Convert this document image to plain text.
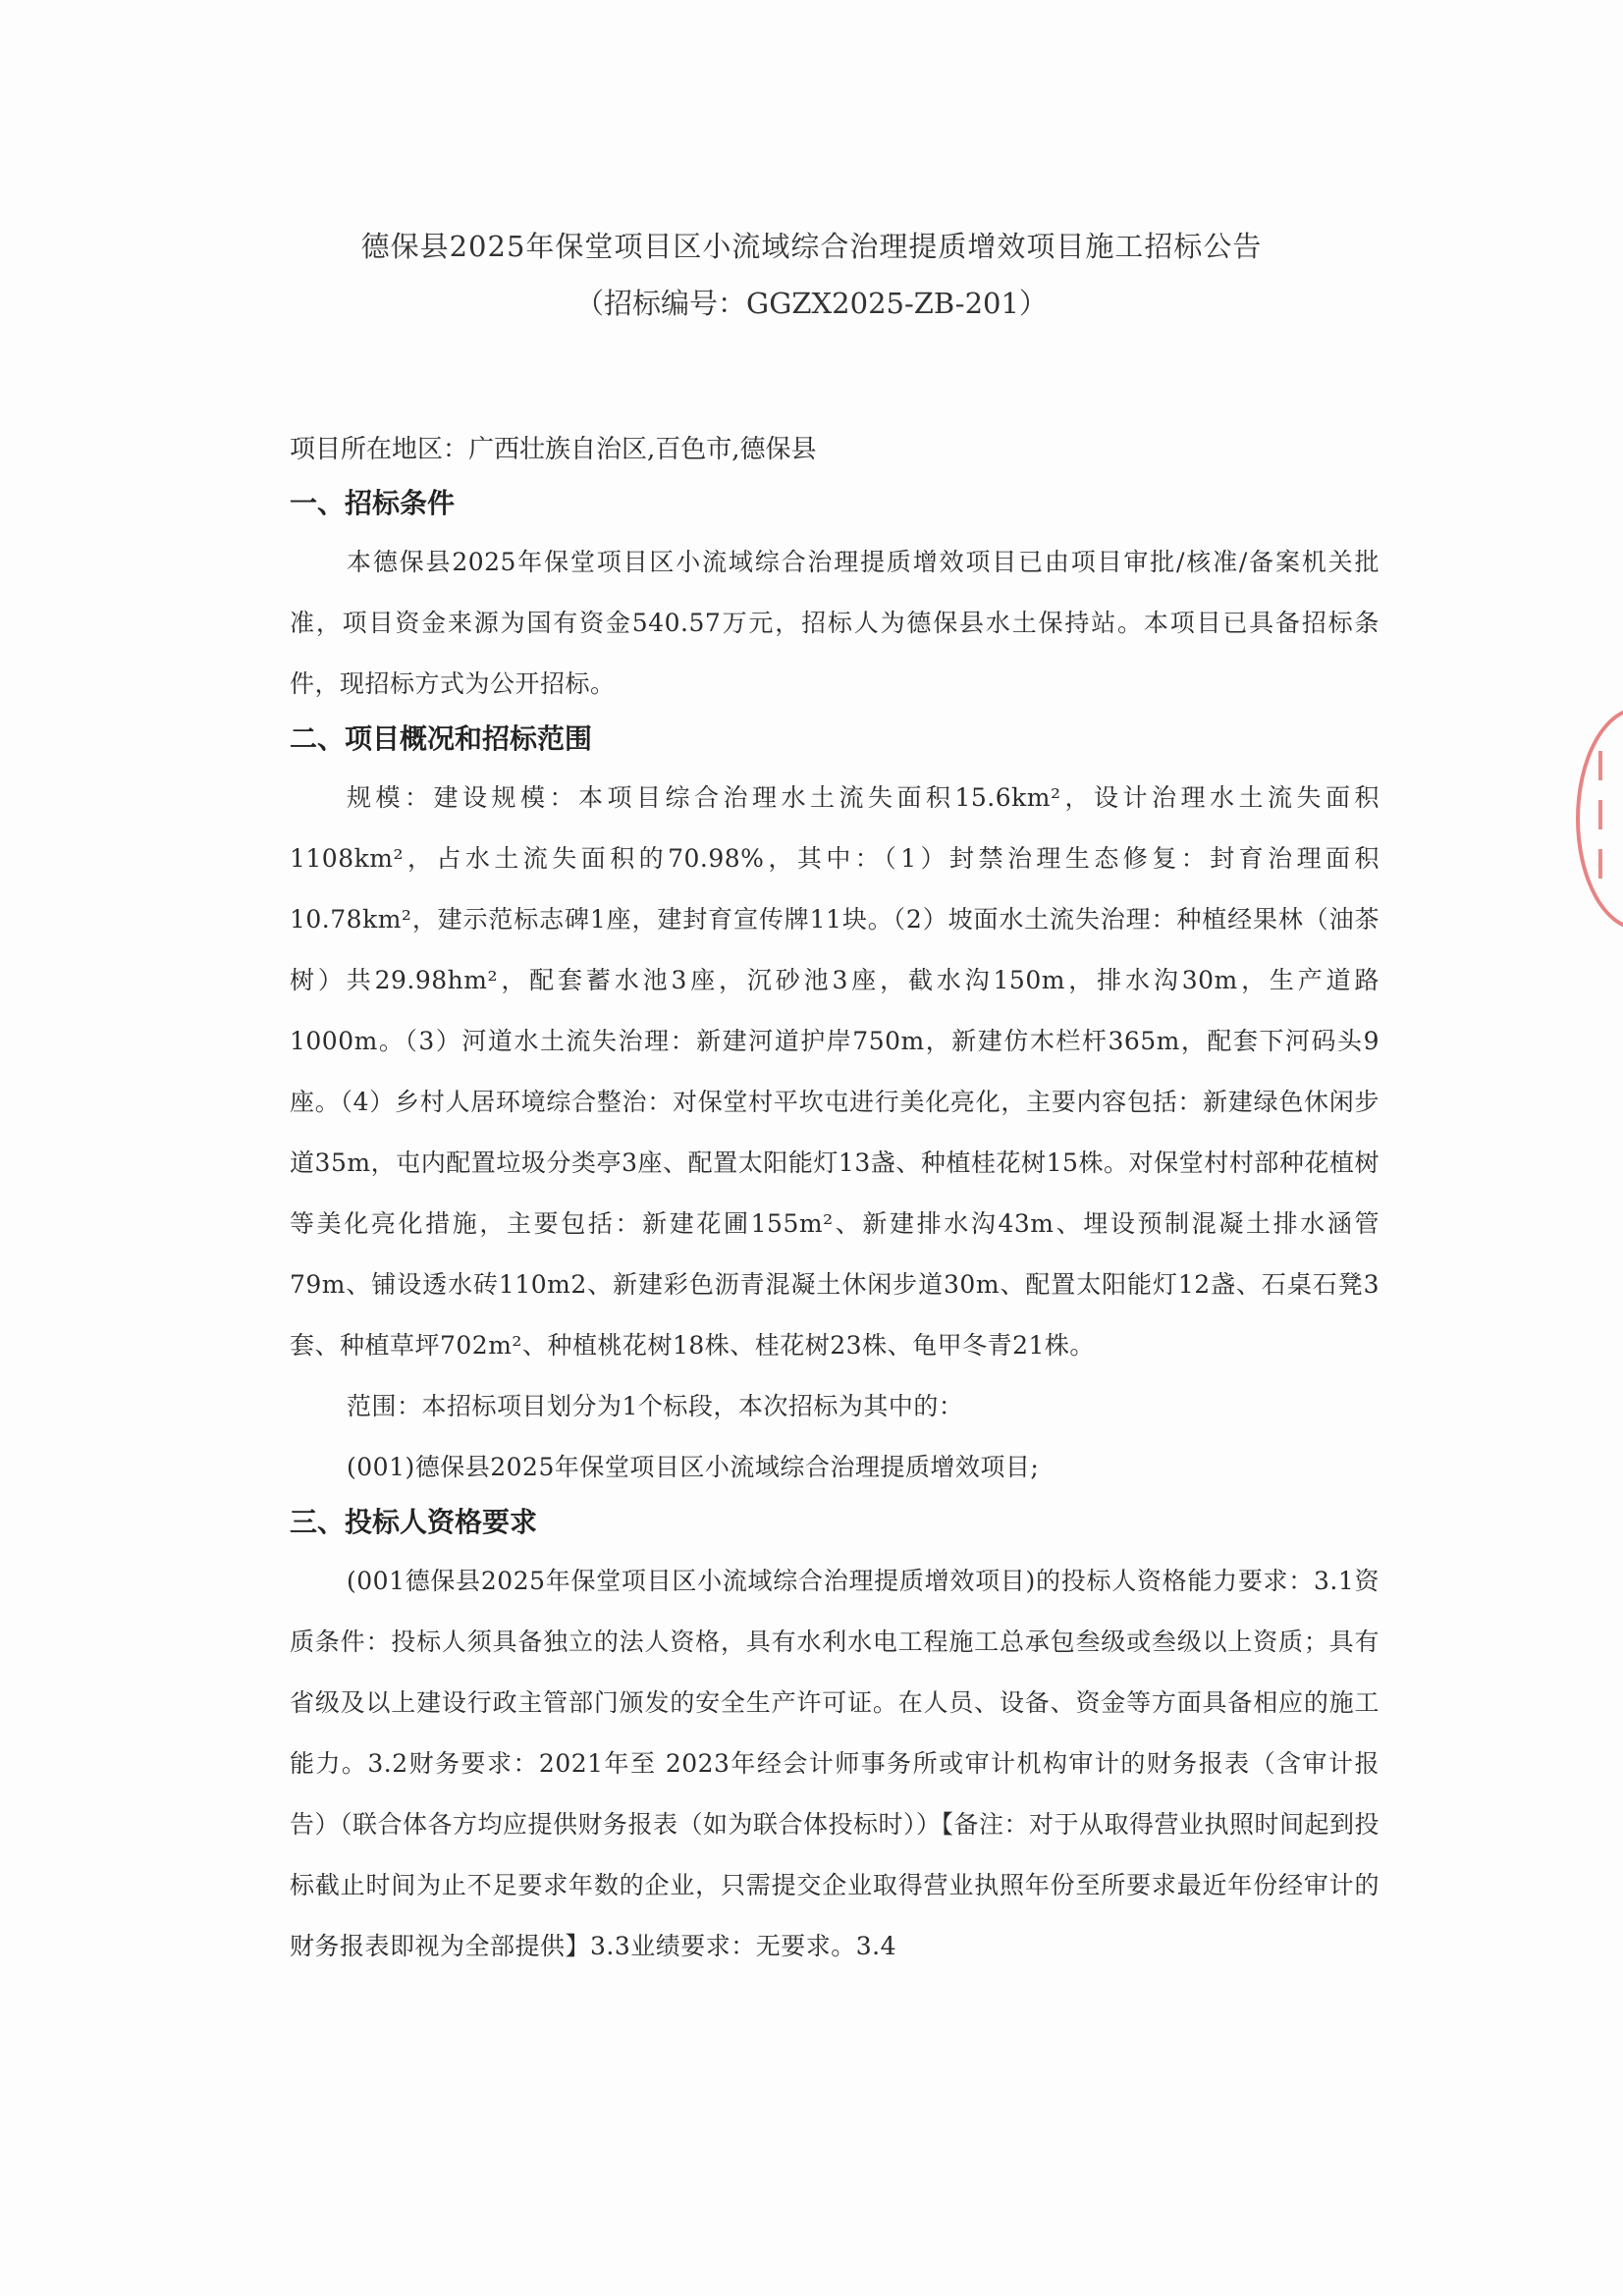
德保县2025年保堂项目区小流域综合治理提质增效项目施工招标公告
（招标编号：GGZX2025-ZB-201）

项目所在地区：广西壮族自治区,百色市,德保县

一、招标条件

本德保县2025年保堂项目区小流域综合治理提质增效项目已由项目审批/核准/备案机关批准，项目资金来源为国有资金540.57万元，招标人为德保县水土保持站。本项目已具备招标条件，现招标方式为公开招标。

二、项目概况和招标范围

规模：建设规模：本项目综合治理水土流失面积15.6km²，设计治理水土流失面积1108km²，占水土流失面积的70.98%，其中：（1）封禁治理生态修复：封育治理面积10.78km²，建示范标志碑1座，建封育宣传牌11块。（2）坡面水土流失治理：种植经果林（油茶树）共29.98hm²，配套蓄水池3座，沉砂池3座，截水沟150m，排水沟30m，生产道路1000m。（3）河道水土流失治理：新建河道护岸750m，新建仿木栏杆365m，配套下河码头9座。（4）乡村人居环境综合整治：对保堂村平坎屯进行美化亮化，主要内容包括：新建绿色休闲步道35m，屯内配置垃圾分类亭3座、配置太阳能灯13盏、种植桂花树15株。对保堂村村部种花植树等美化亮化措施，主要包括：新建花圃155m²、新建排水沟43m、埋设预制混凝土排水涵管79m、铺设透水砖110m2、新建彩色沥青混凝土休闲步道30m、配置太阳能灯12盏、石桌石凳3套、种植草坪702m²、种植桃花树18株、桂花树23株、龟甲冬青21株。

范围：本招标项目划分为1个标段，本次招标为其中的：

(001)德保县2025年保堂项目区小流域综合治理提质增效项目;

三、投标人资格要求

(001德保县2025年保堂项目区小流域综合治理提质增效项目)的投标人资格能力要求：3.1资质条件：投标人须具备独立的法人资格，具有水利水电工程施工总承包叁级或叁级以上资质；具有省级及以上建设行政主管部门颁发的安全生产许可证。在人员、设备、资金等方面具备相应的施工能力。3.2财务要求：2021年至 2023年经会计师事务所或审计机构审计的财务报表（含审计报告）（联合体各方均应提供财务报表（如为联合体投标时））【备注：对于从取得营业执照时间起到投标截止时间为止不足要求年数的企业，只需提交企业取得营业执照年份至所要求最近年份经审计的财务报表即视为全部提供】3.3业绩要求：无要求。3.4
